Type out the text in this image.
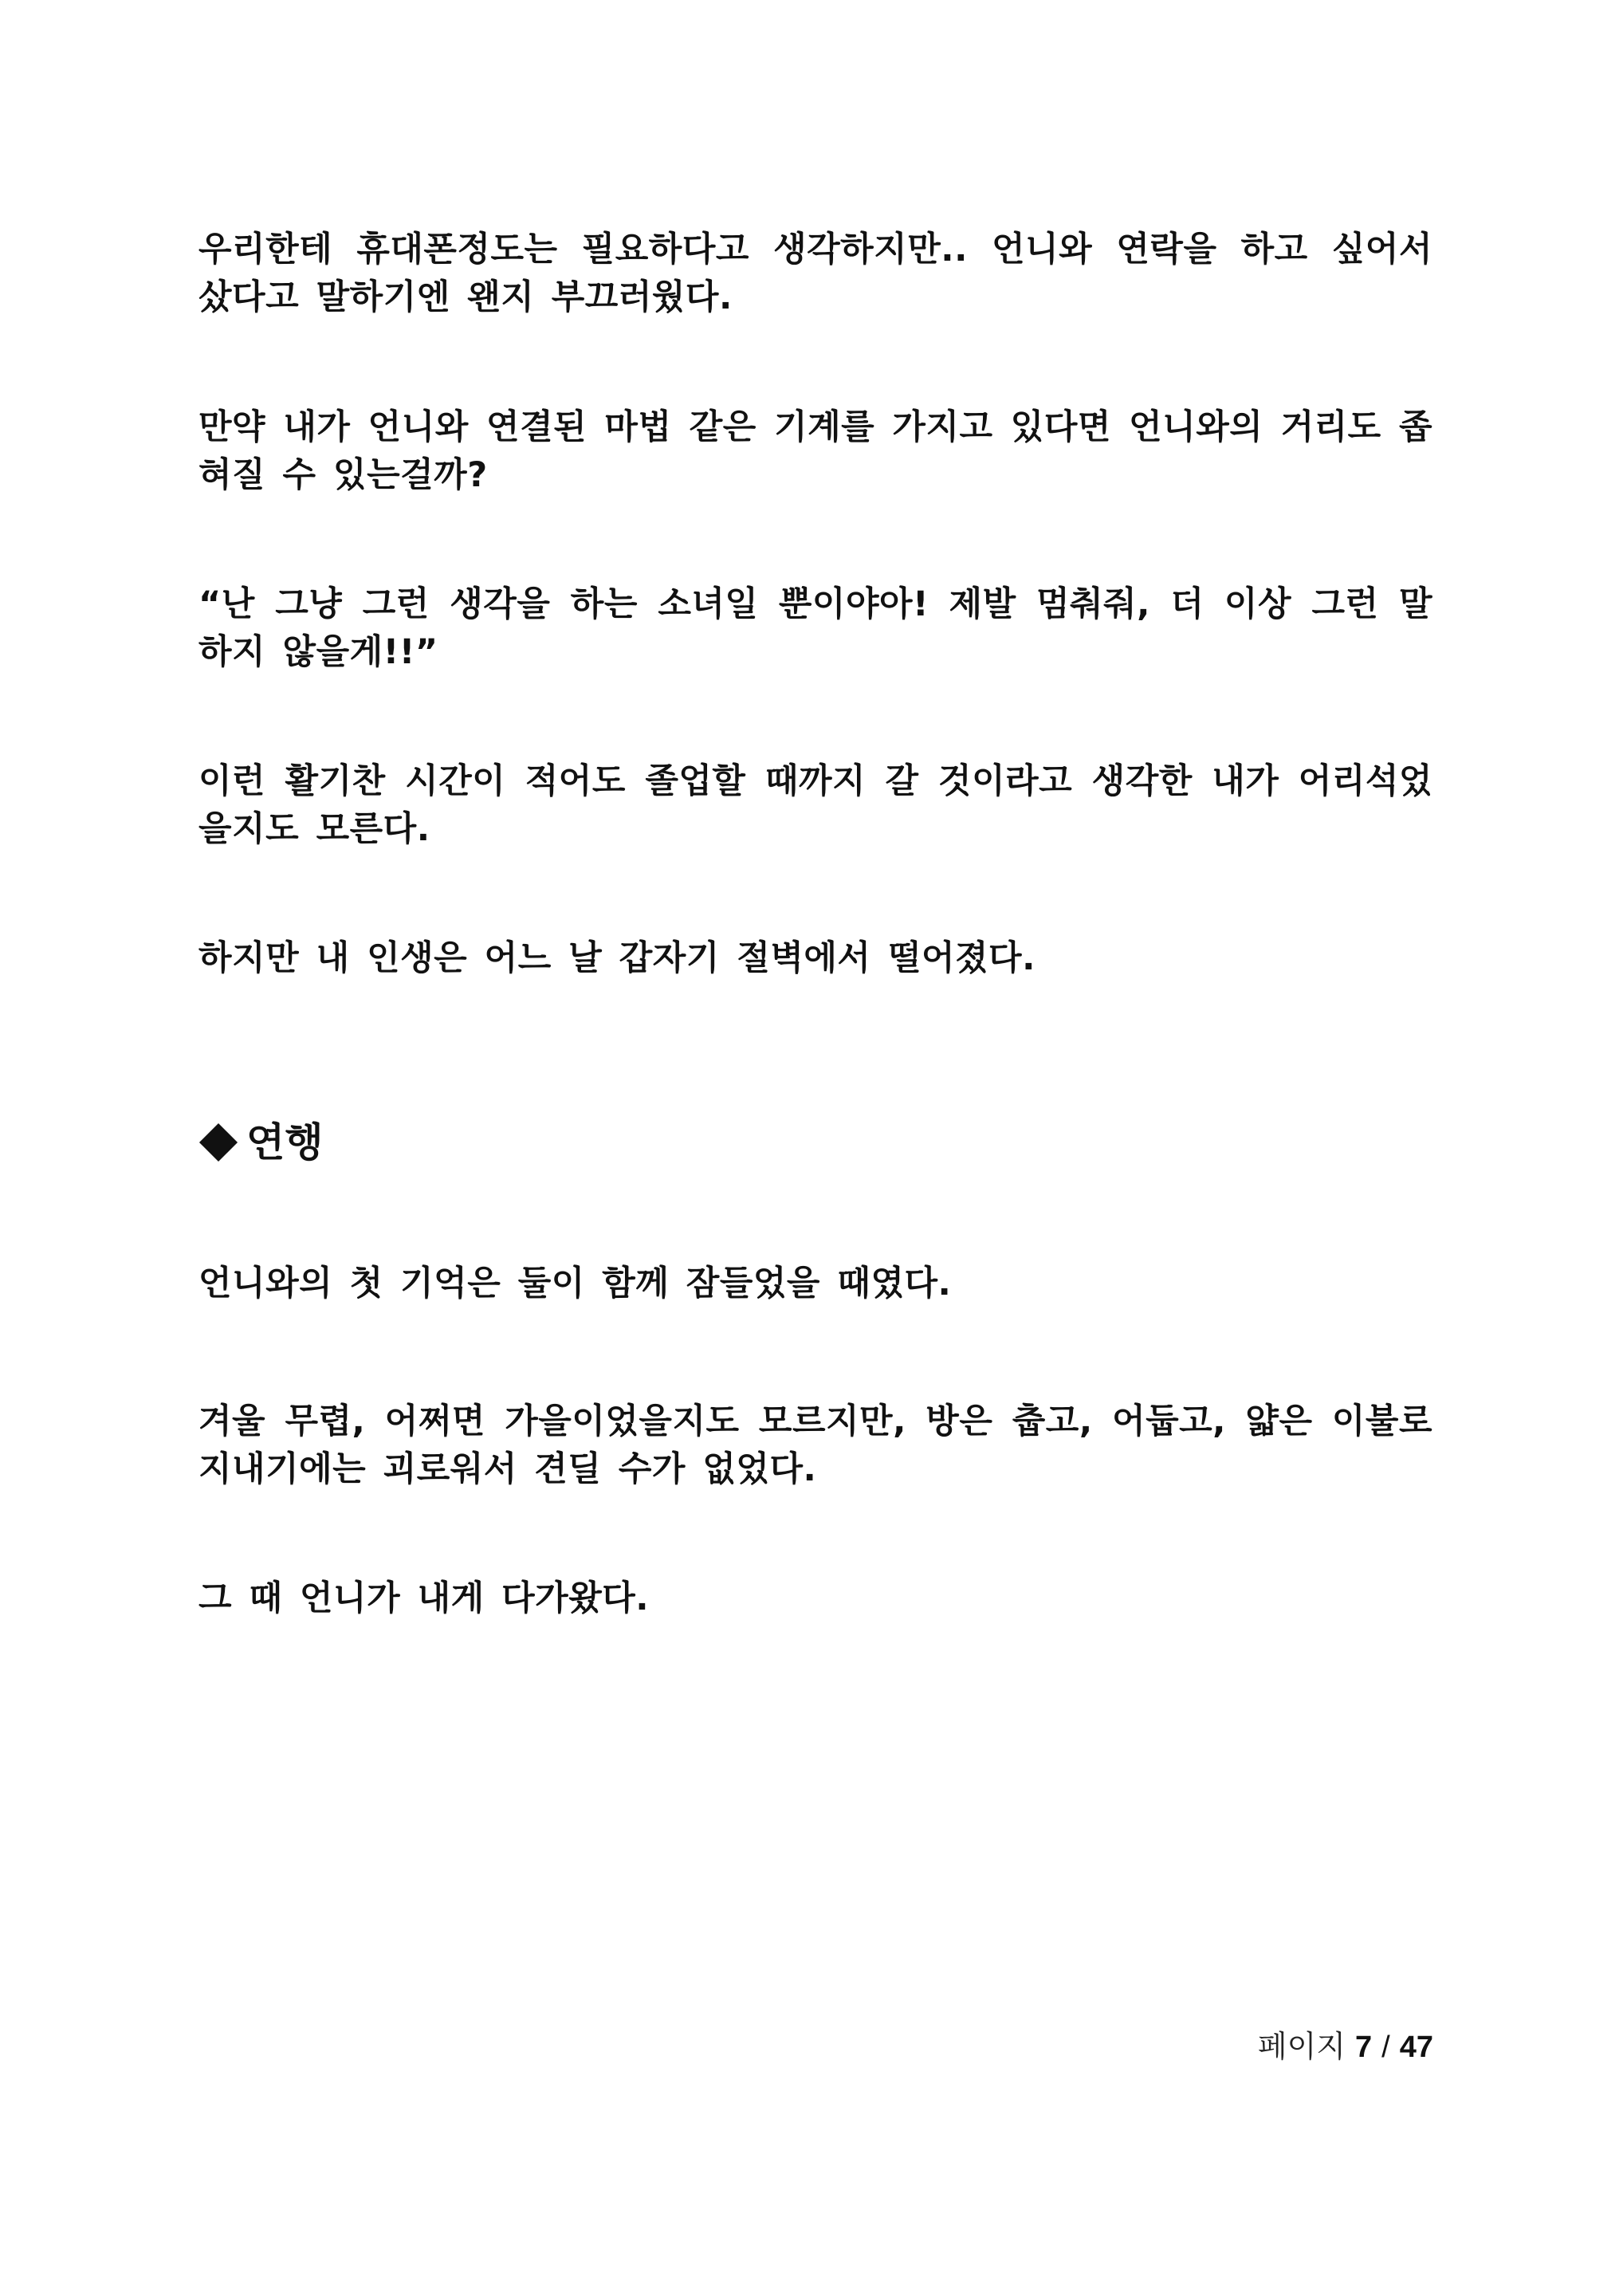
우리한테 휴대폰정도는 필요하다고 생각하지만.. 언니와 연락을 하고 싶어서 샀다고 말하기엔 왠지 부끄러웠다.

만약 내가 언니와 연결된 마법 같은 기계를 가지고 있다면 언니와의 거리도 좁혀질 수 있는걸까?

“난 그냥 그런 생각을 하는 소녀일 뿐이야아! 제발 멈춰줘, 더 이상 그런 말 하지 않을게!!”

이런 활기찬 시간이 적어도 졸업할 때까지 갈 것이라고 생각한 내가 어리석었을지도 모른다.

하지만 내 인생은 어느 날 갑자기 절벽에서 떨어졌다.

연행

언니와의 첫 기억은 둘이 함께 잠들었을 때였다.

겨울 무렵, 어쩌면 가을이었을지도 모르지만, 방은 춥고, 어둡고, 얇은 이불로 지내기에는 괴로워서 견딜 수가 없었다.

그 때 언니가 내게 다가왔다.

페이지 7 / 47
